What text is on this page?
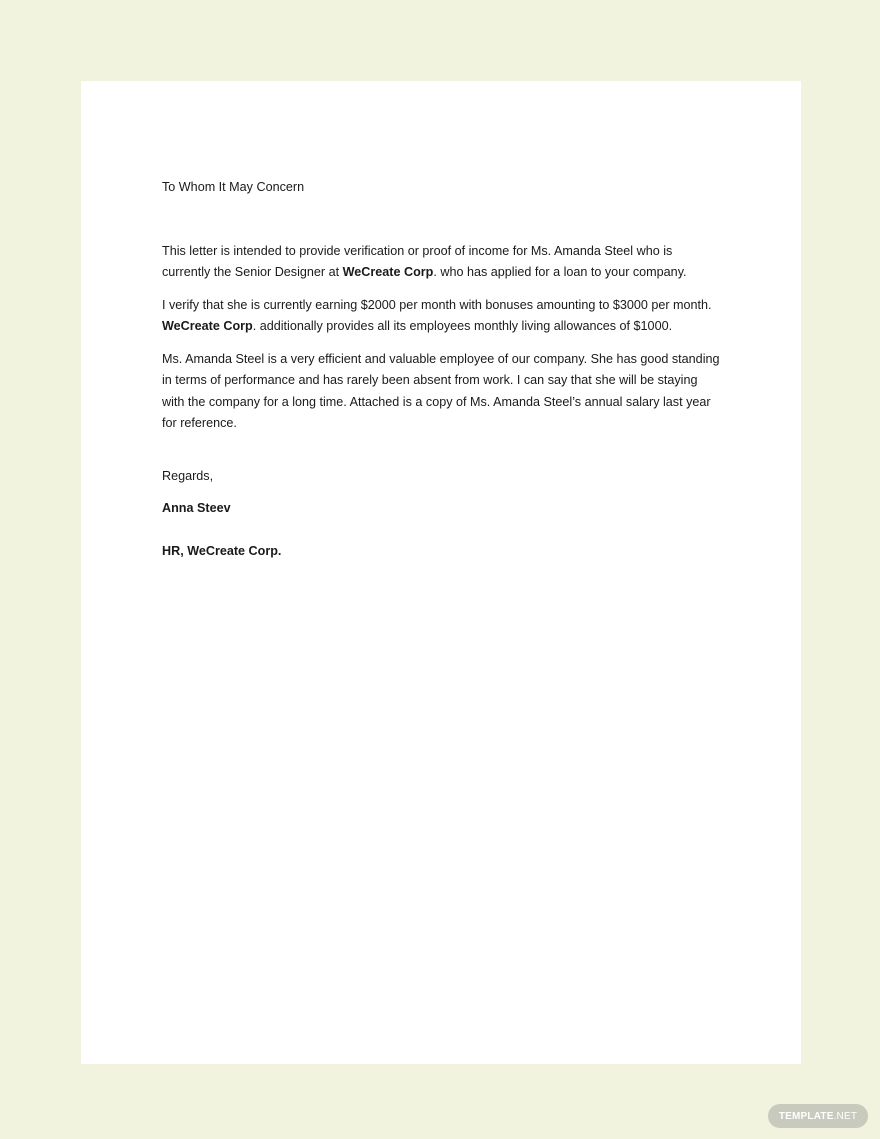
To Whom It May Concern

This letter is intended to provide verification or proof of income for Ms. Amanda Steel who is currently the Senior Designer at WeCreate Corp. who has applied for a loan to your company.

I verify that she is currently earning $2000 per month with bonuses amounting to $3000 per month. WeCreate Corp. additionally provides all its employees monthly living allowances of $1000.

Ms. Amanda Steel is a very efficient and valuable employee of our company. She has good standing in terms of performance and has rarely been absent from work. I can say that she will be staying with the company for a long time. Attached is a copy of Ms. Amanda Steel’s annual salary last year for reference.

Regards,

Anna Steev

HR, WeCreate Corp.

TEMPLATE .NET
